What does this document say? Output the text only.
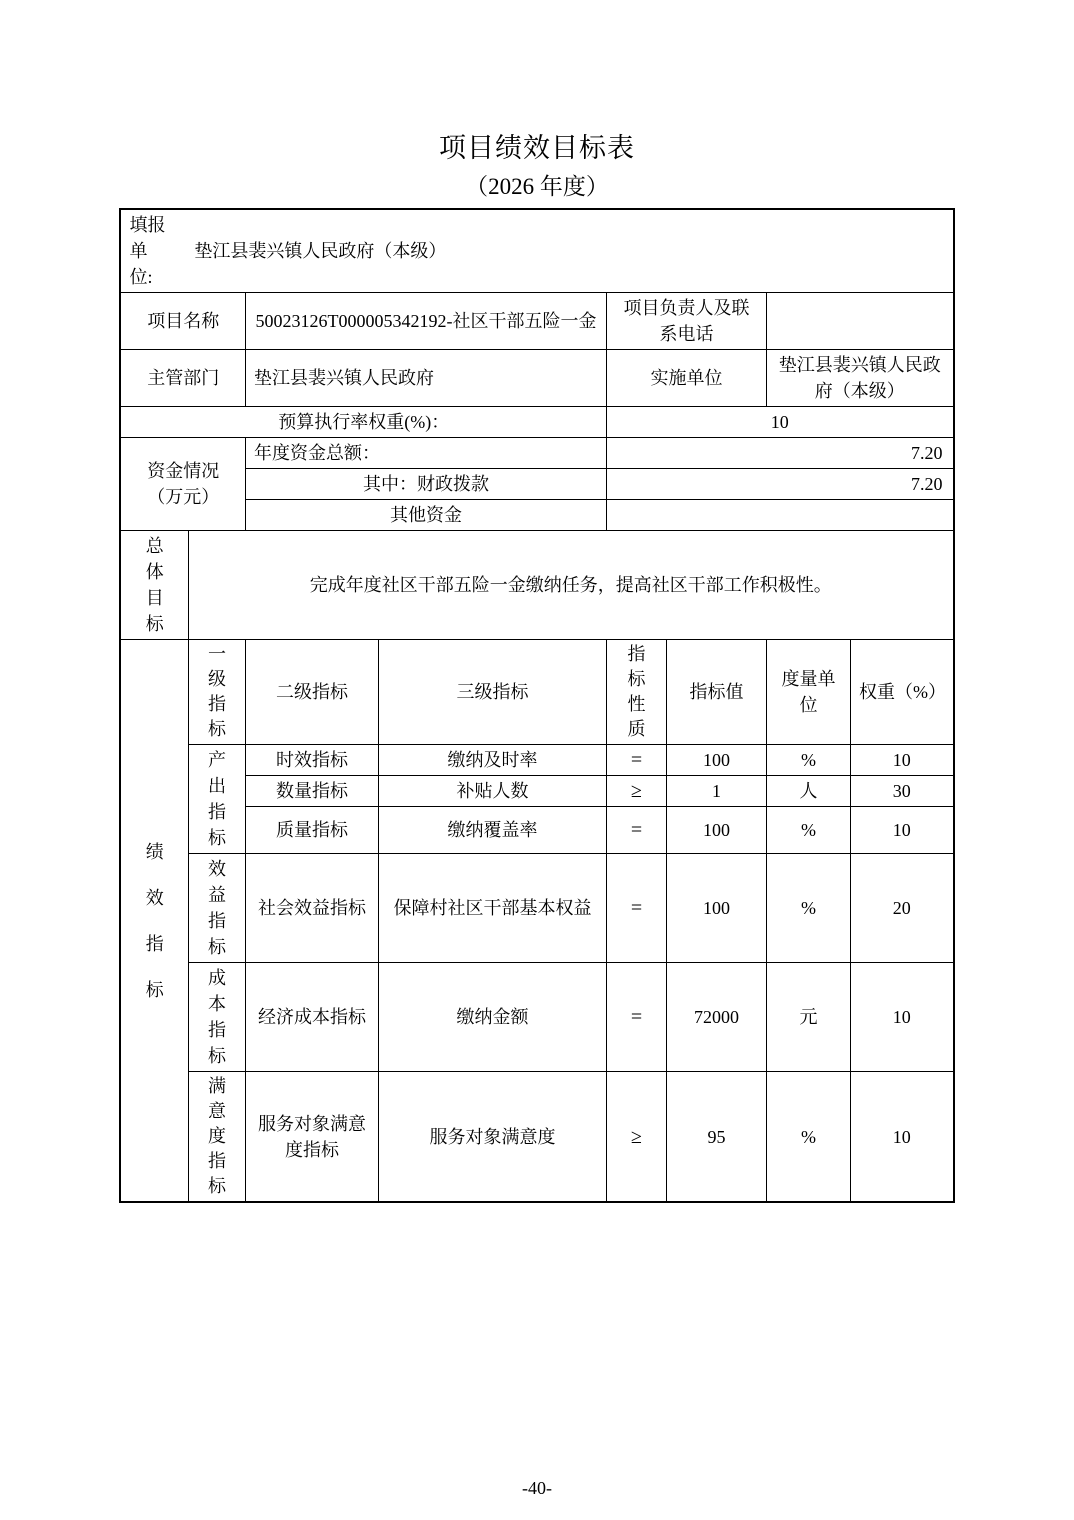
项目绩效目标表
（2026 年度）
填报单位:
垫江县裴兴镇人民政府（本级）							

项目名称		50023126T000005342192-社区干部五险一金		项目负责人及联系电话			
主管部门		垫江县裴兴镇人民政府		实施单位		垫江县裴兴镇人民政府（本级）	
预算执行率权重(%)：				10			
资金情况（万元）		年度资金总额：		7.20			
		其中：财政拨款		7.20			
		其他资金					
总体目标	完成年度社区干部五险一金缴纳任务，提高社区干部工作积极性。						
绩效指标	一级指标	二级指标	三级指标	指标性质	指标值	度量单位	权重（%）
	产出指标	时效指标	缴纳及时率	=	100	%	10
		数量指标	补贴人数	≥	1	人	30
		质量指标	缴纳覆盖率	=	100	%	10
	效益指标	社会效益指标	保障村社区干部基本权益	=	100	%	20
	成本指标	经济成本指标	缴纳金额	=	72000	元	10
	满意度指标	服务对象满意度指标	服务对象满意度	≥	95	%	10
-40-
